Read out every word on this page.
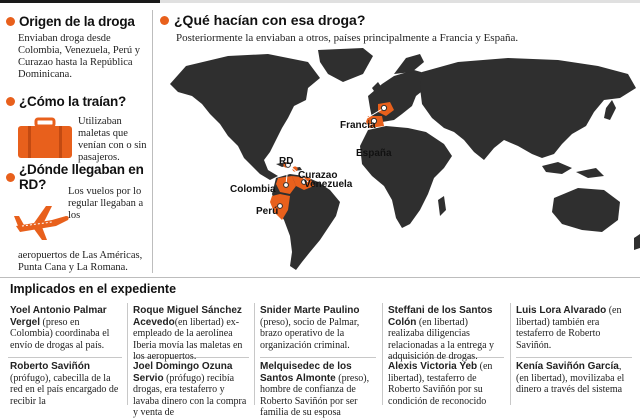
Origen de la droga
Enviaban droga desde Colombia, Venezuela, Perú y Curazao hasta la República Dominicana.
¿Cómo la traían?
Utilizaban maletas que venían con o sin pasajeros.
¿Dónde llegaban en RD?	Los vuelos por lo regular llegaban a los
aeropuertos de Las Américas, Punta Cana y La Romana.
¿Qué hacían con esa droga?
Posteriormente la enviaban a otros, países principalmente a Francia y España.
Francia
España
RD
Curazao
Venezuela
Colombia
Perú
Implicados en el expediente
Yoel Antonio Palmar Vergel (preso en Colombia) coordinaba el envío de drogas al país.
Roque Miguel Sánchez Acevedo(en libertad) ex-empleado de la aerolínea Iberia movía las maletas en los aeropuertos.
Snider Marte Paulino (preso), socio de Palmar, brazo operativo de la organización criminal.
Steffani de los Santos Colón (en libertad) realizaba diligencias relacionadas a la entrega y adquisición de drogas.
Luis Lora Alvarado (en libertad) también era testaferro de Roberto Saviñón.
Roberto Saviñón (prófugo), cabecilla de la red en el país encargado de recibir la
Joel Domingo Ozuna Servio (prófugo) recibía drogas, era testaferro y lavaba dinero con la compra y venta de
Melquisedec de los Santos Almonte (preso), hombre de confianza de Roberto Saviñón por ser familia de su esposa
Alexis Victoria Yeb (en libertad), testaferro de Roberto Saviñón por su condición de reconocido
Kenía Saviñón García, (en libertad), movilizaba el dinero a través del sistema
